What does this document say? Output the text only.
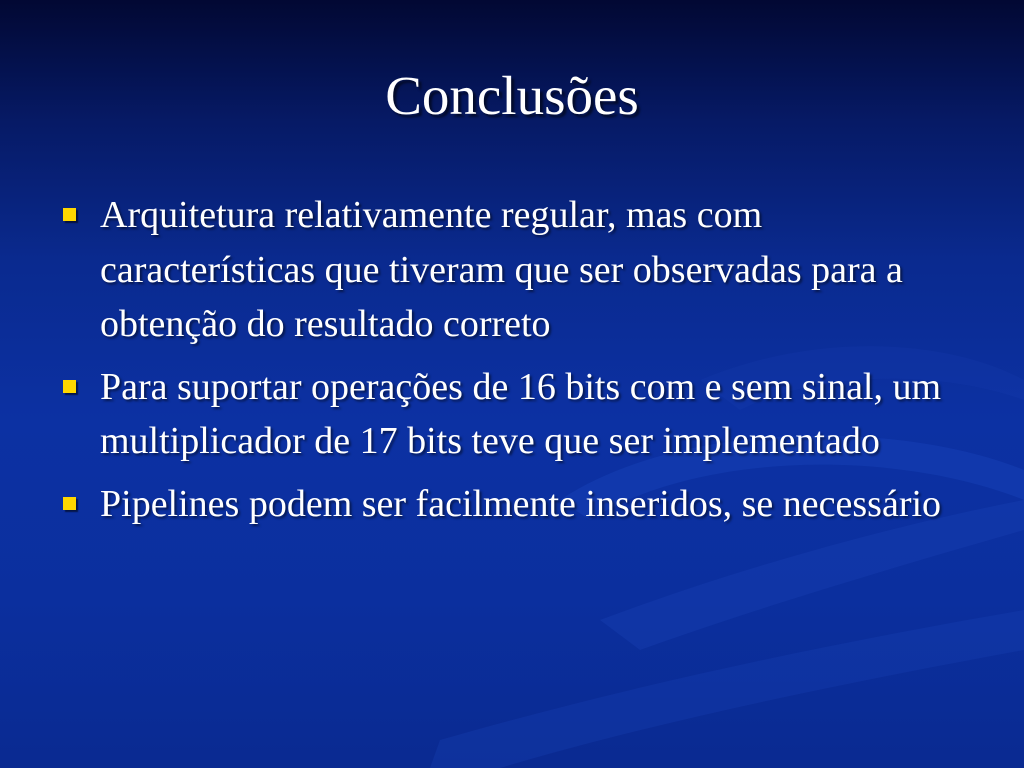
Conclusões
Arquitetura relativamente regular, mas com características que tiveram que ser observadas para a obtenção do resultado correto
Para suportar operações de 16 bits com e sem sinal, um multiplicador de 17 bits teve que ser implementado
Pipelines podem ser facilmente inseridos, se necessário
